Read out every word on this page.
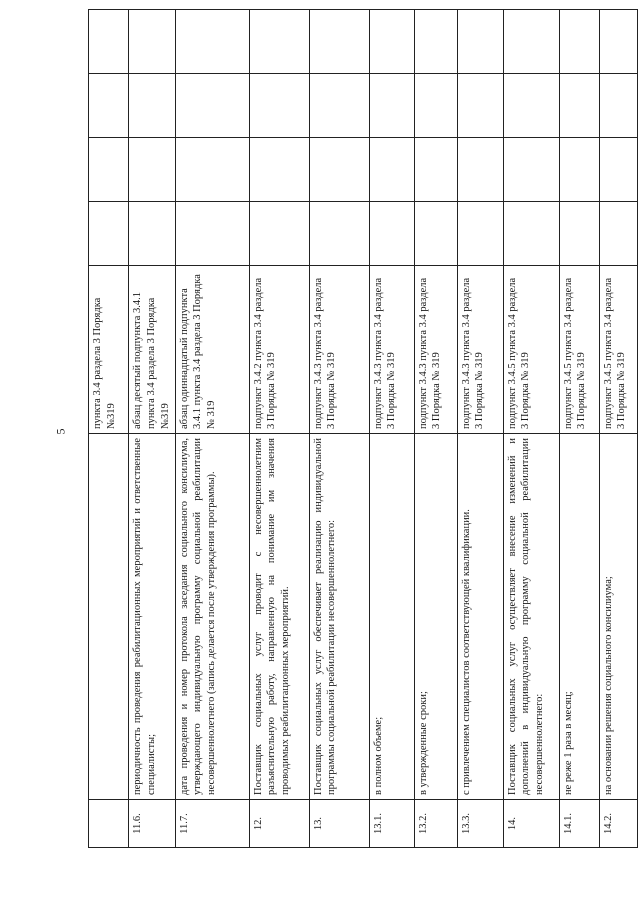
5
		пункта 3.4 раздела 3 Порядка №319				
11.6.	периодичность проведения реабилитационных мероприятий и ответственные специалисты;	абзац десятый подпункта 3.4.1 пункта 3.4 раздела 3 Порядка №319				
11.7.	дата проведения и номер протокола заседания социального консилиума, утверждающего индивидуальную программу социальной реабилитации несовершеннолетнего (запись делается после утверждения программы).	абзац одиннадцатый подпункта 3.4.1 пункта 3.4 раздела 3 Порядка № 319				
12.	Поставщик социальных услуг проводит с несовершеннолетним разъяснительную работу, направленную на понимание им значения проводимых реабилитационных мероприятий.	подпункт 3.4.2 пункта 3.4 раздела 3 Порядка № 319				
13.	Поставщик социальных услуг обеспечивает реализацию индивидуальной программы социальной реабилитации несовершеннолетнего:	подпункт 3.4.3 пункта 3.4 раздела 3 Порядка № 319				
13.1.	в полном объеме;	подпункт 3.4.3 пункта 3.4 раздела 3 Порядка № 319				
13.2.	в утвержденные сроки;	подпункт 3.4.3 пункта 3.4 раздела 3 Порядка № 319				
13.3.	с привлечением специалистов соответствующей квалификации.	подпункт 3.4.3 пункта 3.4 раздела 3 Порядка № 319				
14.	Поставщик социальных услуг осуществляет внесение изменений и дополнений в индивидуальную программу социальной реабилитации несовершеннолетнего:	подпункт 3.4.5 пункта 3.4 раздела 3 Порядка № 319				
14.1.	не реже 1 раза в месяц;	подпункт 3.4.5 пункта 3.4 раздела 3 Порядка № 319				
14.2.	на основании решения социального консилиума;	подпункт 3.4.5 пункта 3.4 раздела 3 Порядка № 319				
